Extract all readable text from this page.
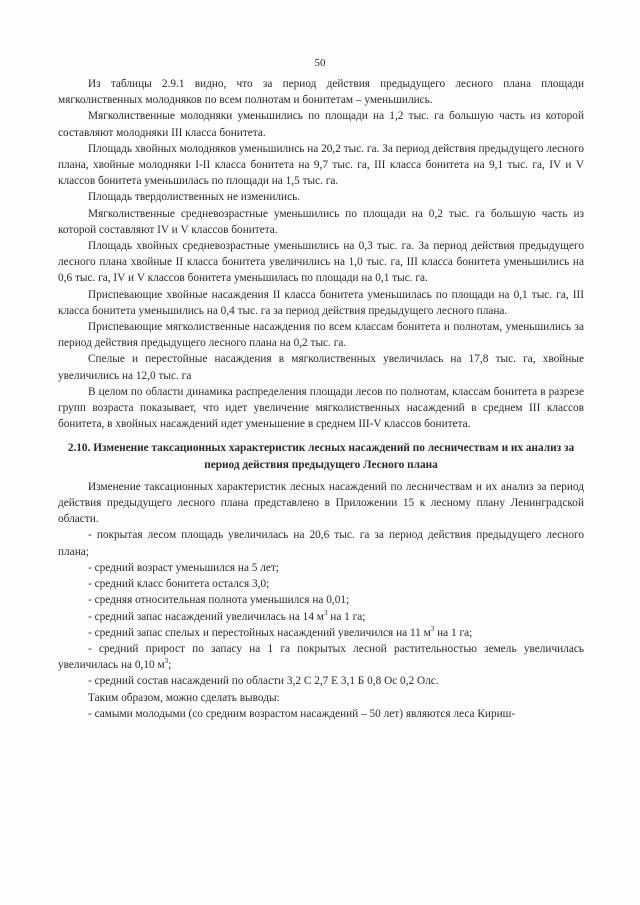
50

Из таблицы 2.9.1 видно, что за период действия предыдущего лесного плана площади мягколиственных молодняков по всем полнотам и бонитетам – уменьшились.

Мягколиственные молодняки уменьшились по площади на 1,2 тыс. га большую часть из которой составляют молодняки III класса бонитета.

Площадь хвойных молодняков уменьшились на 20,2 тыс. га. За период действия предыдущего лесного плана, хвойные молодняки I-II класса бонитета на 9,7 тыс. га, III класса бонитета на 9,1 тыс. га, IV и V классов бонитета уменьшилась по площади на 1,5 тыс. га.

Площадь твердолиственных не изменились.

Мягколиственные средневозрастные уменьшились по площади на 0,2 тыс. га большую часть из которой составляют IV и V классов бонитета.

Площадь хвойных средневозрастные уменьшились на 0,3 тыс. га. За период действия предыдущего лесного плана хвойные II класса бонитета увеличились на 1,0 тыс. га, III класса бонитета уменьшились на 0,6 тыс. га, IV и V классов бонитета уменьшилась по площади на 0,1 тыс. га.

Приспевающие хвойные насаждения II класса бонитета уменьшилась по площади на 0,1 тыс. га, III класса бонитета уменьшились на 0,4 тыс. га за период действия предыдущего лесного плана.

Приспевающие мягколиственные насаждения по всем классам бонитета и полнотам, уменьшились за период действия предыдущего лесного плана на 0,2 тыс. га.

Спелые и перестойные насаждения в мягколиственных увеличилась на 17,8 тыс. га, хвойные увеличились на 12,0 тыс. га

В целом по области динамика распределения площади лесов по полнотам, классам бонитета в разрезе групп возраста показывает, что идет увеличение мягколиственных насаждений в среднем III классов бонитета, в хвойных насаждений идет уменьшение в среднем III-V классов бонитета.

2.10. Изменение таксационных характеристик лесных насаждений по лесничествам и их анализ за период действия предыдущего Лесного плана

Изменение таксационных характеристик лесных насаждений по лесничествам и их анализ за период действия предыдущего лесного плана представлено в Приложении 15 к лесному плану Ленинградской области.

- покрытая лесом площадь увеличилась на 20,6 тыс. га за период действия предыдущего лесного плана;

- средний возраст уменьшился на 5 лет;

- средний класс бонитета остался 3,0;

- средняя относительная полнота уменьшился на 0,01;

- средний запас насаждений увеличилась на 14 $м^3$ на 1 га;

- средний запас спелых и перестойных насаждений увеличился на 11 $м^3$ на 1 га;

- средний прирост по запасу на 1 га покрытых лесной растительностью земель увеличилась увеличилась на 0,10 $м^3$;

- средний состав насаждений по области 3,2 С 2,7 Е 3,1 Б 0,8 Ос 0,2 Олс.

Таким образом, можно сделать выводы:

- самыми молодыми (со средним возрастом насаждений – 50 лет) являются леса Кириш-
